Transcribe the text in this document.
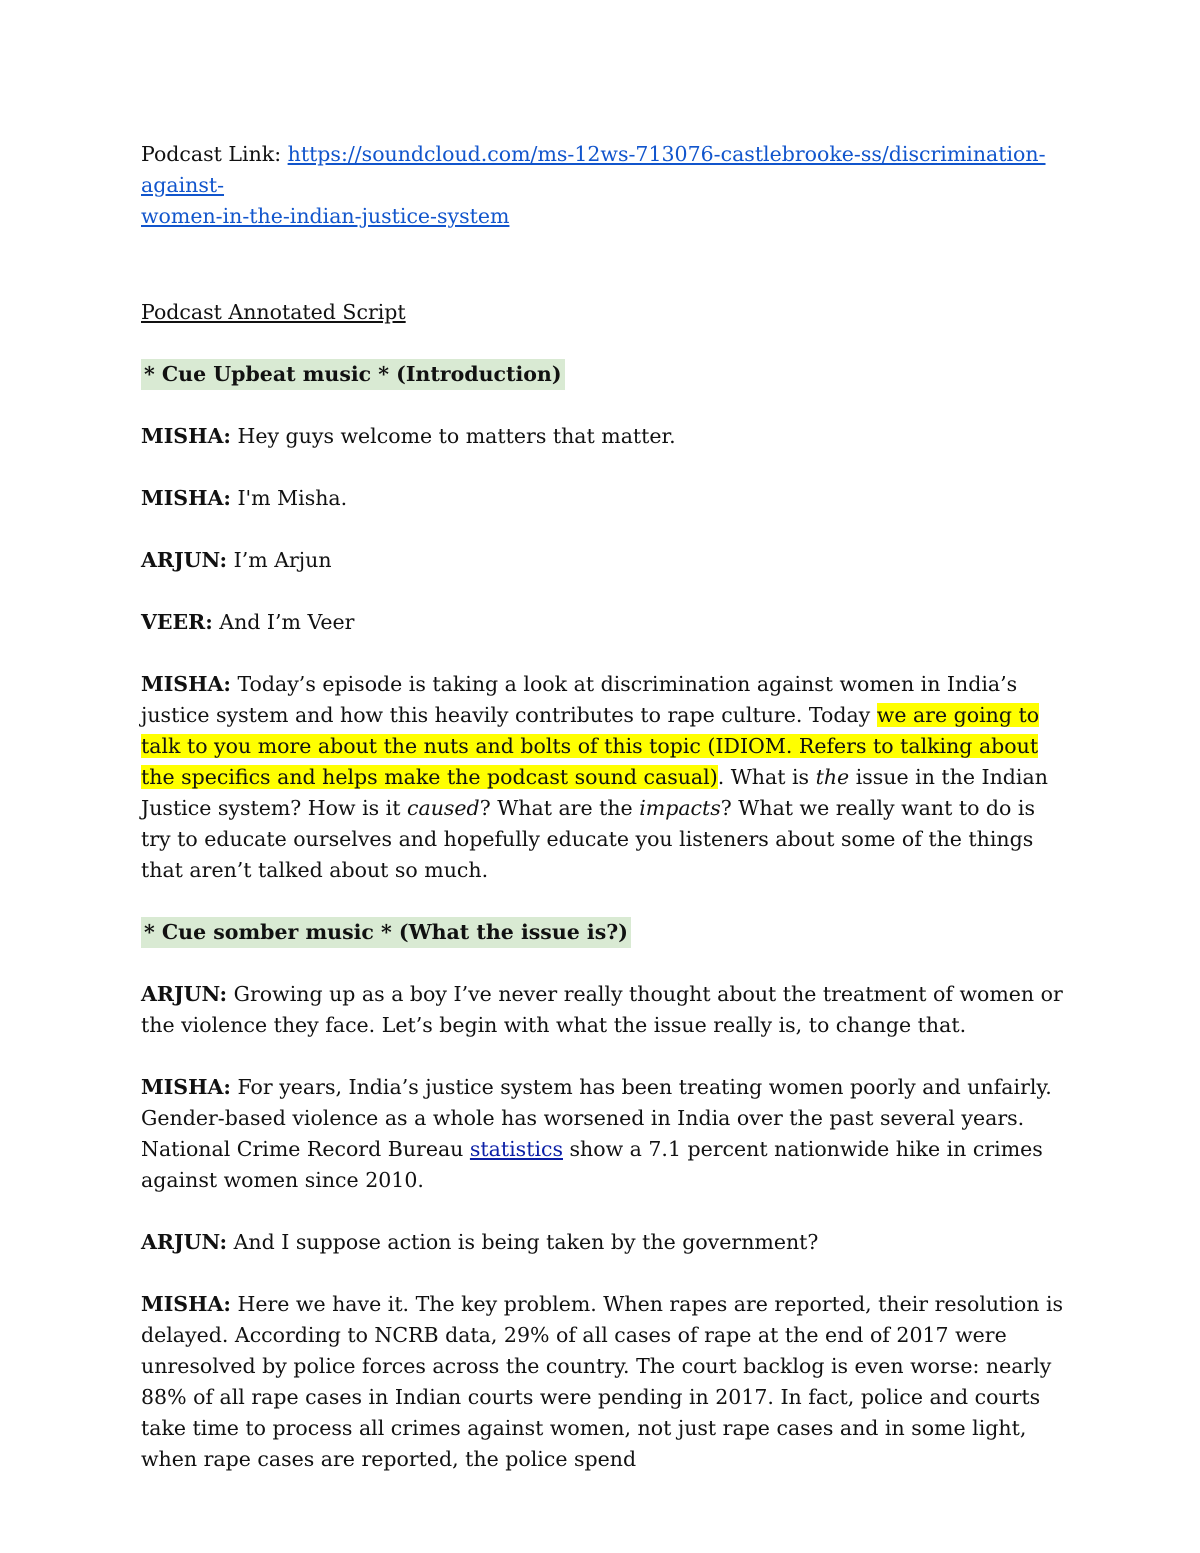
Podcast Link: https://soundcloud.com/ms-12ws-713076-castlebrooke-ss/discrimination-against-
women-in-the-indian-justice-system

Podcast Annotated Script

* Cue Upbeat music * (Introduction)

MISHA: Hey guys welcome to matters that matter.

MISHA: I'm Misha.

ARJUN: I’m Arjun

VEER: And I’m Veer

MISHA: Today’s episode is taking a look at discrimination against women in India’s justice system and how this heavily contributes to rape culture. Today we are going to talk to you more about the nuts and bolts of this topic (IDIOM. Refers to talking about the specifics and helps make the podcast sound casual). What is the issue in the Indian Justice system? How is it caused? What are the impacts? What we really want to do is try to educate ourselves and hopefully educate you listeners about some of the things that aren’t talked about so much.

* Cue somber music * (What the issue is?)

ARJUN: Growing up as a boy I’ve never really thought about the treatment of women or the violence they face. Let’s begin with what the issue really is, to change that.

MISHA: For years, India’s justice system has been treating women poorly and unfairly. Gender-based violence as a whole has worsened in India over the past several years. National Crime Record Bureau statistics show a 7.1 percent nationwide hike in crimes against women since 2010.

ARJUN: And I suppose action is being taken by the government?

MISHA: Here we have it. The key problem. When rapes are reported, their resolution is delayed. According to NCRB data, 29% of all cases of rape at the end of 2017 were unresolved by police forces across the country. The court backlog is even worse: nearly 88% of all rape cases in Indian courts were pending in 2017. In fact, police and courts take time to process all crimes against women, not just rape cases and in some light, when rape cases are reported, the police spend
